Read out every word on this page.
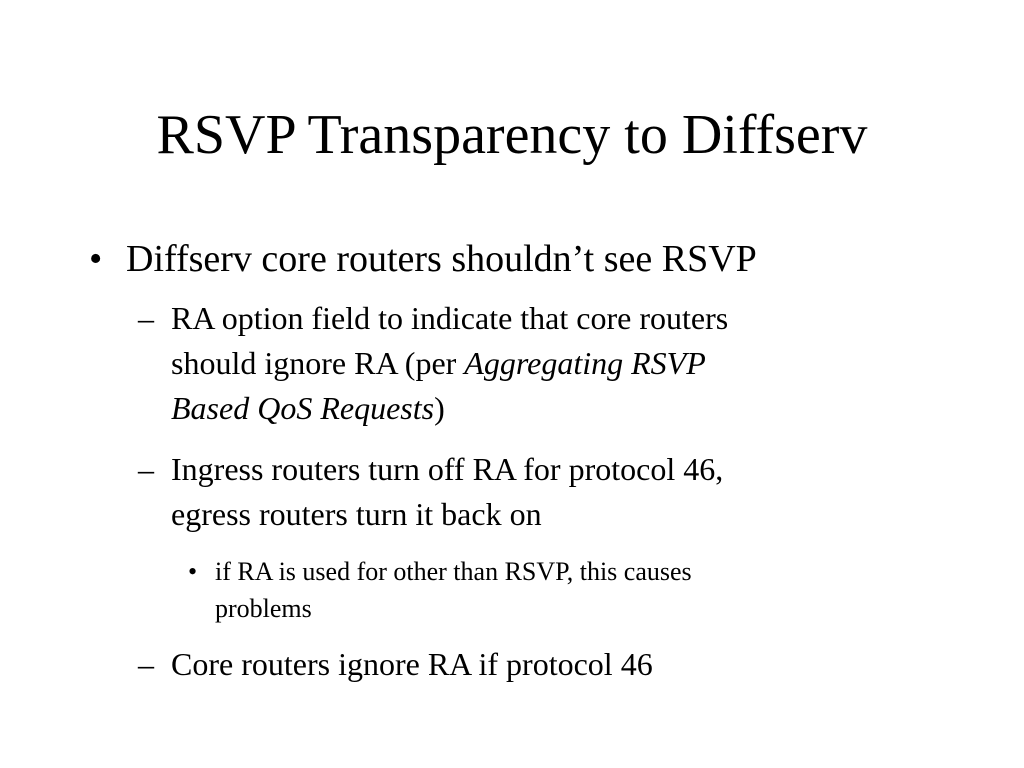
RSVP Transparency to Diffserv
• Diffserv core routers shouldn’t see RSVP
– RA option field to indicate that core routers
should ignore RA (per Aggregating RSVP
Based QoS Requests)
– Ingress routers turn off RA for protocol 46,
egress routers turn it back on
• if RA is used for other than RSVP, this causes
problems
– Core routers ignore RA if protocol 46
